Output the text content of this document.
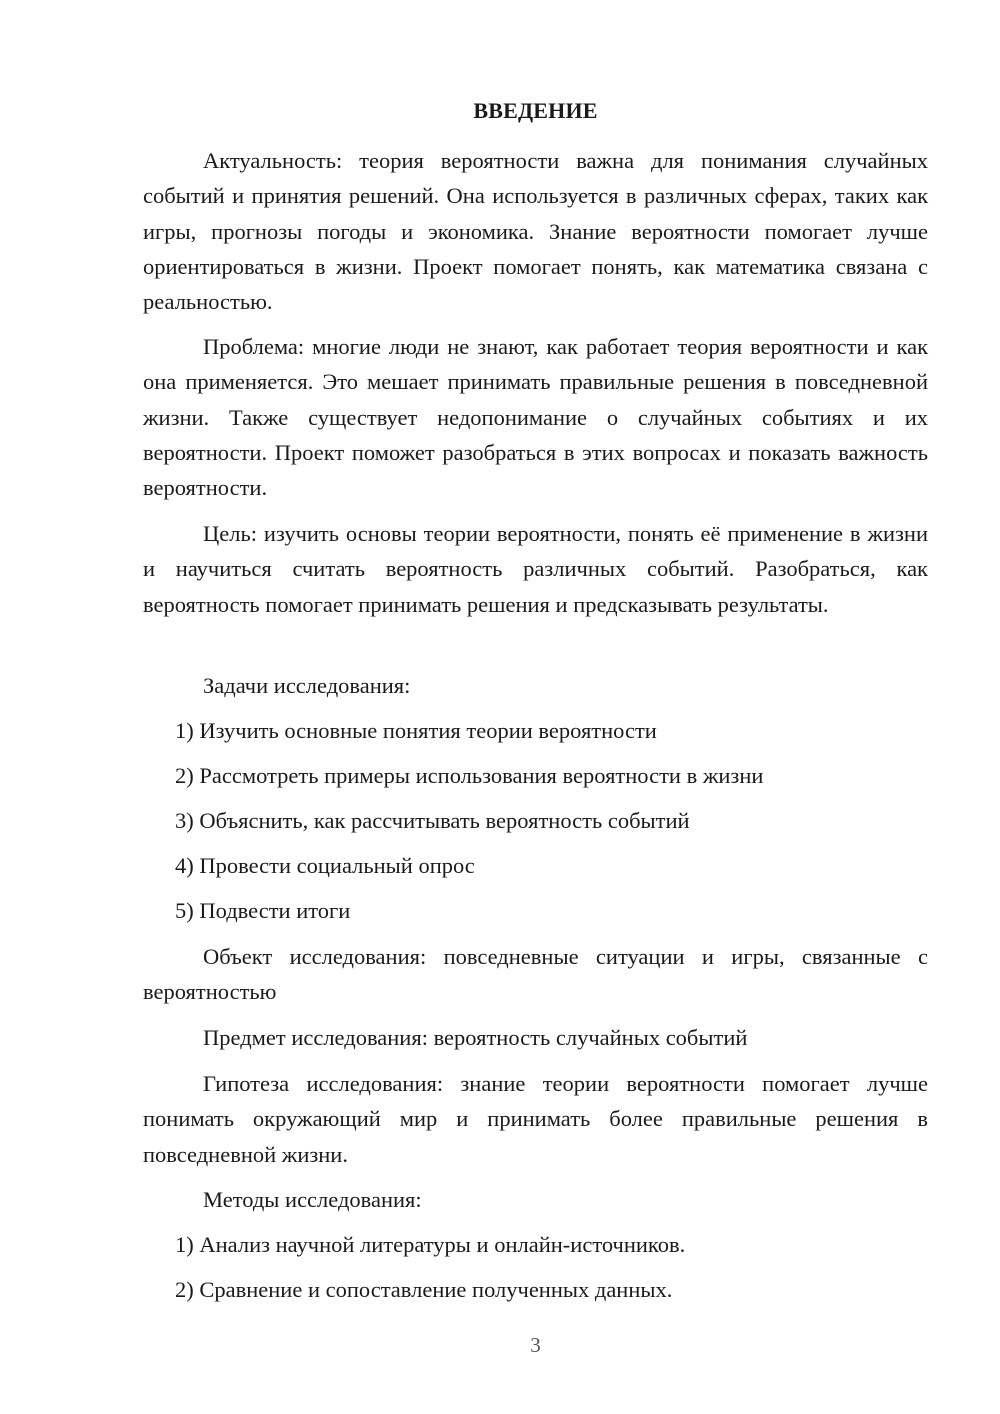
ВВЕДЕНИЕ

Актуальность: теория вероятности важна для понимания случайных событий и принятия решений. Она используется в различных сферах, таких как игры, прогнозы погоды и экономика. Знание вероятности помогает лучше ориентироваться в жизни. Проект помогает понять, как математика связана с реальностью.

Проблема: многие люди не знают, как работает теория вероятности и как она применяется. Это мешает принимать правильные решения в повседневной жизни. Также существует недопонимание о случайных событиях и их вероятности. Проект поможет разобраться в этих вопросах и показать важность вероятности.

Цель: изучить основы теории вероятности, понять её применение в жизни и научиться считать вероятность различных событий. Разобраться, как вероятность помогает принимать решения и предсказывать результаты.

Задачи исследования:

1) Изучить основные понятия теории вероятности

2) Рассмотреть примеры использования вероятности в жизни

3) Объяснить, как рассчитывать вероятность событий

4) Провести социальный опрос

5) Подвести итоги

Объект исследования: повседневные ситуации и игры, связанные с вероятностью

Предмет исследования: вероятность случайных событий

Гипотеза исследования: знание теории вероятности помогает лучше понимать окружающий мир и принимать более правильные решения в повседневной жизни.

Методы исследования:

1) Анализ научной литературы и онлайн-источников.

2) Сравнение и сопоставление полученных данных.

3
